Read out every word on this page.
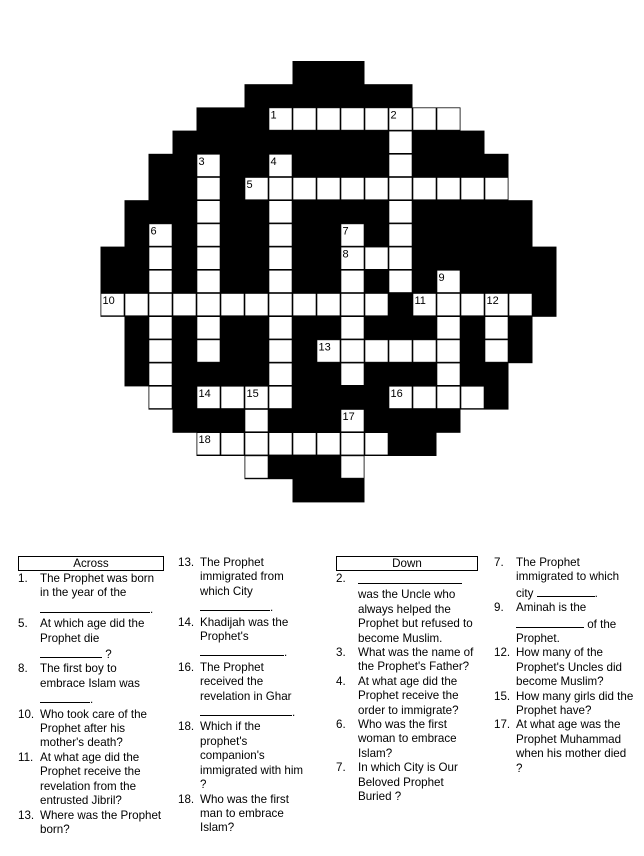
1	2
3	4
5
6	7
8
9
10	11	12
13
14	15	16
17
18
Across
1. The Prophet was born in the year of the .
5. At which age did the Prophet die  ?
8. The first boy to embrace Islam was .
10. Who took care of the Prophet after his mother's death?
11. At what age did the Prophet receive the revelation from the entrusted Jibril?
13. Where was the Prophet born?
13. The Prophet immigrated from which City .
14. Khadijah was the Prophet's .
16. The Prophet received the revelation in Ghar .
18. Which if the prophet's companion's immigrated with him ?
18. Who was the first man to embrace Islam?
Down
2.
was the Uncle who always helped the Prophet but refused to become Muslim.
3. What was the name of the Prophet's Father?
4. At what age did the Prophet receive the order to immigrate?
6. Who was the first woman to embrace Islam?
7. In which City is Our Beloved Prophet Buried ?
7. The Prophet immigrated to which city	.
9. Aminah is the  of the Prophet.
12. How many of the Prophet's Uncles did become Muslim?
15. How many girls did the Prophet have?
17. At what age was the Prophet Muhammad when his mother died ?
